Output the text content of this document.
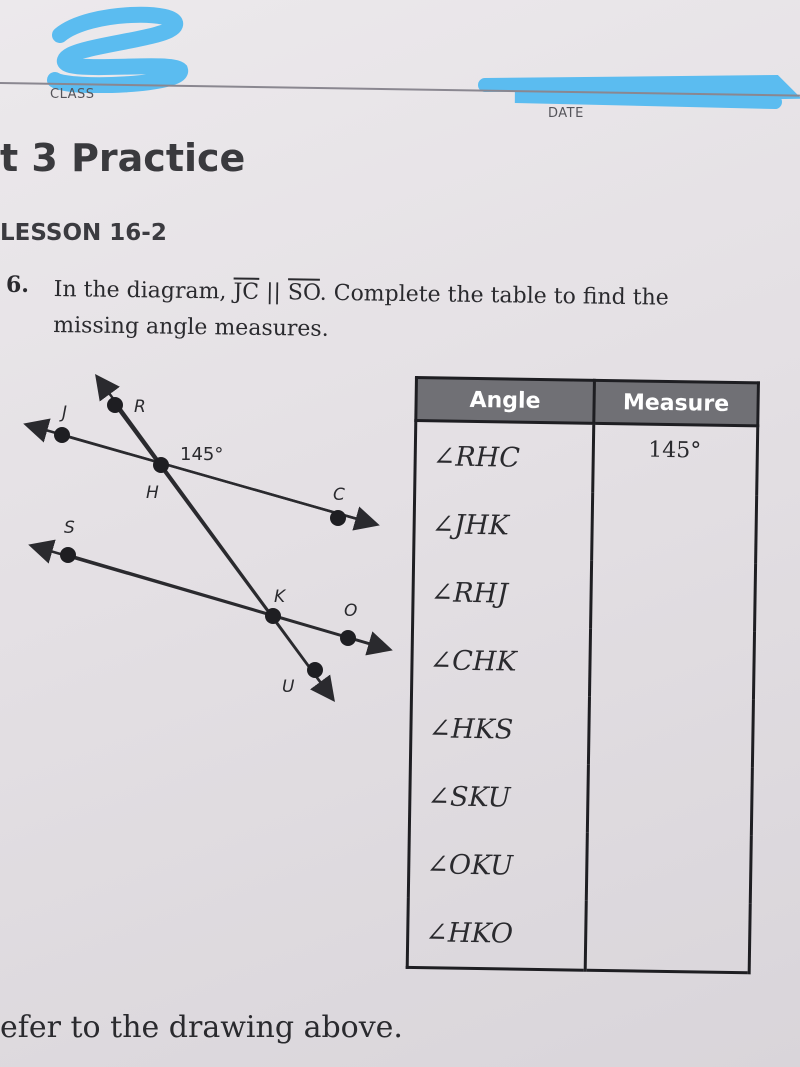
CLASS
DATE
t 3 Practice
LESSON 16-2
6. In the diagram, $\overline{JC}$ || $\overline{SO}$. Complete the table to find the missing angle measures.
R
J
H	C
S
K
O
U
145°
Angle	Measure
∠RHC	145°
∠JHK	
∠RHJ	
∠CHK	
∠HKS	
∠SKU	
∠OKU	
∠HKO	
efer to the drawing above.
